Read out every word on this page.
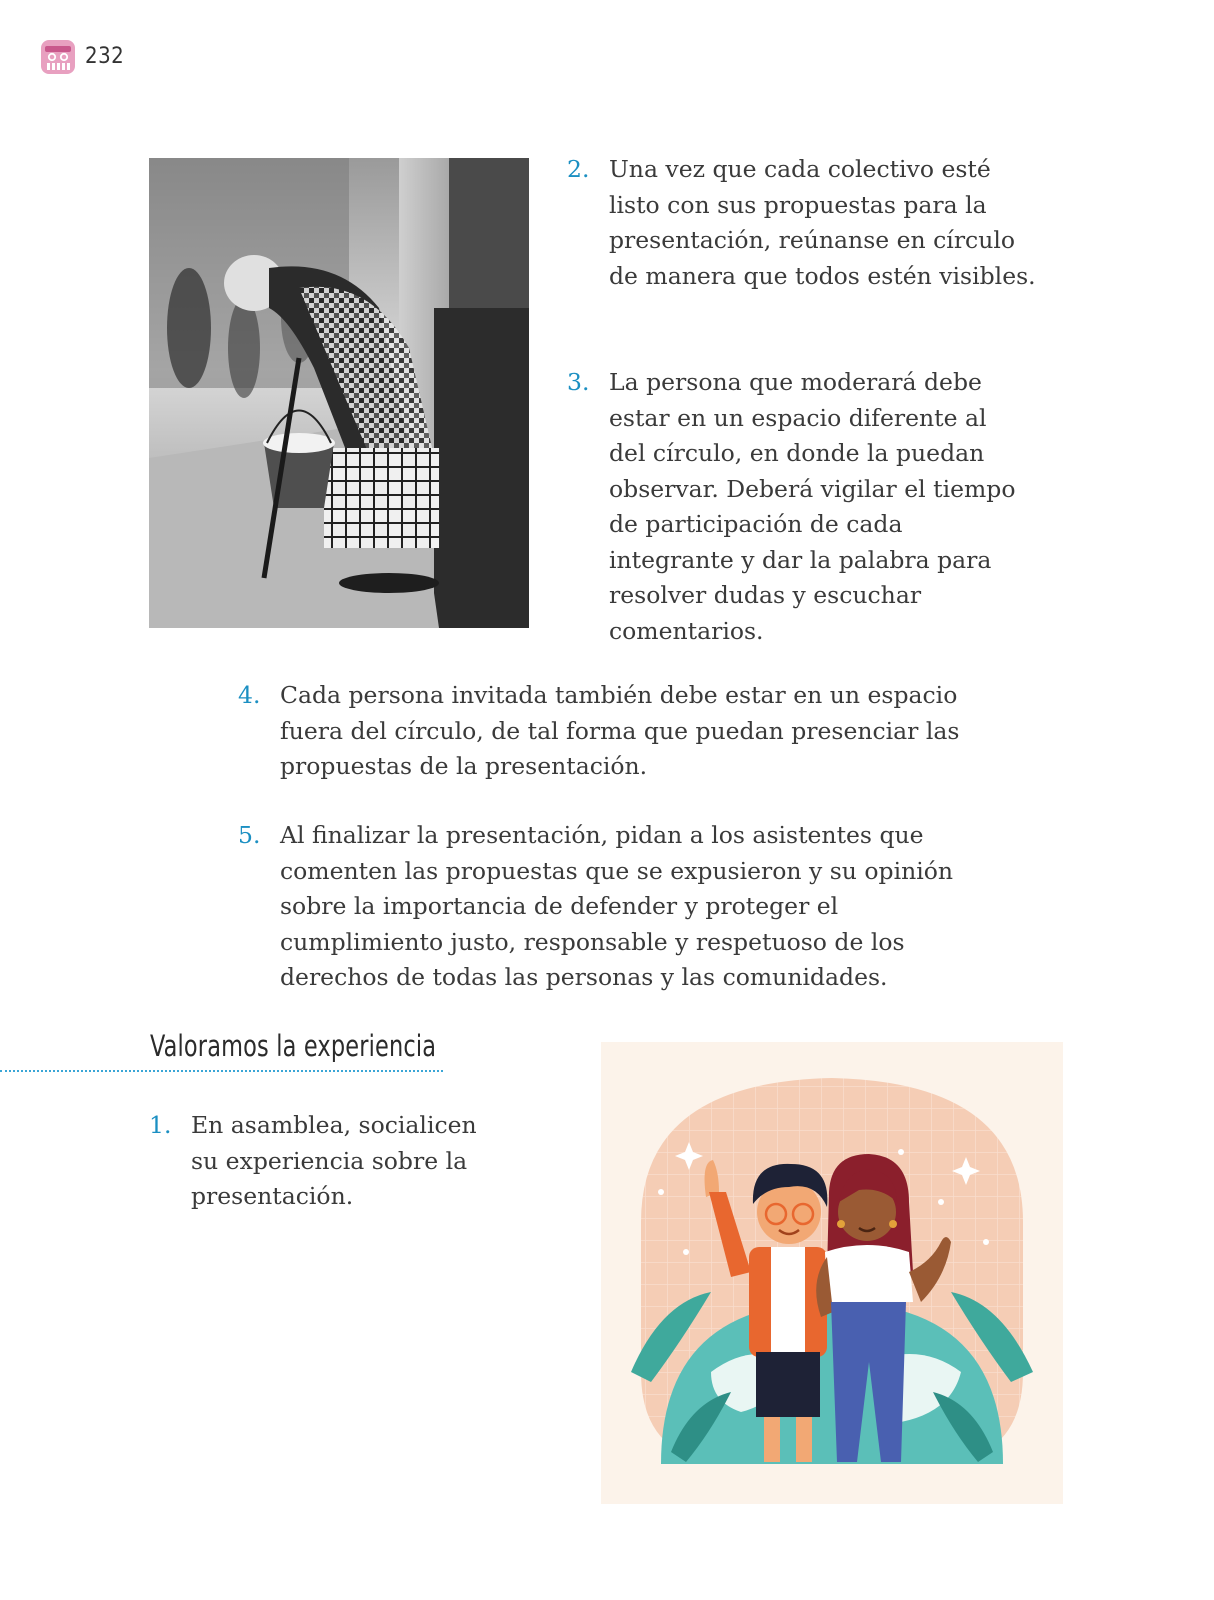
232
2. Una vez que cada colectivo esté listo con sus propuestas para la presentación, reúnanse en círculo de manera que todos estén visibles.
3. La persona que moderará debe estar en un espacio diferente al del círculo, en donde la puedan observar. Deberá vigilar el tiempo de participación de cada integrante y dar la palabra para resolver dudas y escuchar comentarios.
4. Cada persona invitada también debe estar en un espacio fuera del círculo, de tal forma que puedan presenciar las propuestas de la presentación.
5. Al finalizar la presentación, pidan a los asistentes que comenten las propuestas que se expusieron y su opinión sobre la importancia de defender y proteger el cumplimiento justo, responsable y respetuoso de los derechos de todas las personas y las comunidades.
Valoramos la experiencia
1. En asamblea, socialicen su experiencia sobre la presentación.
